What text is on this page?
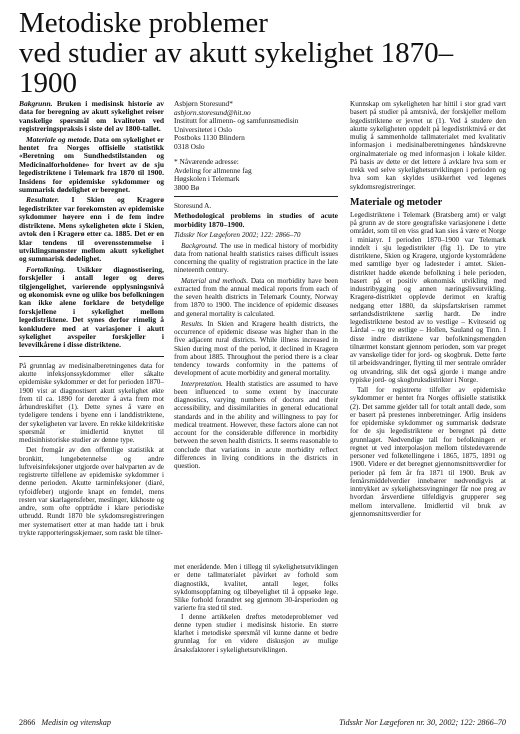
Metodiske problemer
ved studier av akutt sykelighet 1870–1900

Bakgrunn. Bruken i medisinsk historie av data for beregning av akutt sykelighet reiser vanskelige spørsmål om kvaliteten ved registreringspraksis i siste del av 1800-tallet.

Materiale og metode. Data om sykelighet er hentet fra Norges offisielle statistikk «Beretning om Sundhedstilstanden og Medicinalforholdene» for hvert av de sju legedistriktene i Telemark fra 1870 til 1900. Insidens for epidemiske sykdommer og summarisk dødelighet er beregnet.

Resultater. I Skien og Kragerø legedistrikter var forekomsten av epidemiske sykdommer høyere enn i de fem indre distriktene. Mens sykeligheten økte i Skien, avtok den i Kragerø etter ca. 1885. Det er en klar tendens til overensstemmelse i utviklingsmønster mellom akutt sykelighet og summarisk dødelighet.

Fortolkning. Usikker diagnostisering, forskjeller i antall leger og deres tilgjengelighet, varierende opplysningsnivå og økonomisk evne og ulike bos befolkningen kan ikke alene forklare de betydelige forskjellene i sykelighet mellom legedistriktene. Det synes derfor rimelig å konkludere med at variasjoner i akutt sykelighet avspeiler forskjeller i levevilkårene i disse distriktene.

På grunnlag av medisinalberetningenes data for akutte infeksjonssykdommer eller såkalte epidemiske sykdommer er det for perioden 1870–1900 vist at diagnostisert akutt sykelighet økte frem til ca. 1890 for deretter å avta frem mot århundreskiftet (1). Dette synes å være en tydeligere tendens i byene enn i landdistriktene, der sykeligheten var lavere. En rekke kildekritiske spørsmål er imidlertid knyttet til medisinhistoriske studier av denne type.

Det fremgår av den offentlige statistikk at bronkitt, lungebetennelse og andre luftveisinfeksjoner utgjorde over halvparten av de registrerte tilfellene av epidemiske sykdommer i denne perioden. Akutte tarminfeksjoner (diaré, tyfoidfeber) utgjorde knapt en femdel, mens resten var skarlagensfeber, meslinger, kikhoste og andre, som ofte opptrådte i klare periodiske utbrudd. Rundt 1870 ble sykdomsregistreringen mer systematisert etter at man hadde tatt i bruk trykte rapporteringsskjemaer, som raskt ble tilner-

Asbjørn Storesund*
asbjorn.storesund@hit.no
Institutt for allmenn- og samfunnsmedisin
Universitetet i Oslo
Postboks 1130 Blindern
0318 Oslo
* Nåværende adresse:
Avdeling for allmenne fag
Høgskolen i Telemark
3800 Bø
Storesund A.
Methodological problems in studies of acute morbidity 1870–1900.
Tidsskr Nor Lægeforen 2002; 122: 2866–70

Background. The use in medical history of morbidity data from national health statistics raises difficult issues concerning the quality of registration practice in the late nineteenth century.

Material and methods. Data on morbidity have been extracted from the annual medical reports from each of the seven health districts in Telemark County, Norway from 1870 to 1900. The incidence of epidemic diseases and general mortality is calculated.

Results. In Skien and Kragerø health districts, the occurrence of epidemic disease was higher than in the five adjacent rural districts. While illness increased in Skien during most of the period, it declined in Kragerø from about 1885. Throughout the period there is a clear tendency towards conformity in the patterns of development of acute morbidity and general mortality.

Interpretation. Health statistics are assumed to have been influenced to some extent by inaccurate diagnostics, varying numbers of doctors and their accessibility, and dissimilarities in general educational standards and in the ability and willingness to pay for medical treatment. However, these factors alone can not account for the considerable difference in morbidity between the seven health districts. It seems reasonable to conclude that variations in acute morbidity reflect differences in living conditions in the districts in question.

met enerådende. Men i tillegg til sykelighetsutviklingen er dette tallmaterialet påvirket av forhold som diagnostikk, kvalitet, antall leger, folks sykdomsoppfatning og tilbøyelighet til å oppsøke lege. Slike forhold forandret seg gjennom 30-årsperioden og varierte fra sted til sted.

I denne artikkelen drøftes metodeproblemer ved denne typen studier i medisinsk historie. En større klarhet i metodiske spørsmål vil kunne danne et bedre grunnlag for en videre diskusjon av mulige årsaksfaktorer i sykelighetsutviklingen.

Kunnskap om sykeligheten har hittil i stor grad vært basert på studier på amtsnivå, der forskjeller mellom legedistriktene er jevnet ut (1). Ved å studere den akutte sykeligheten oppdelt på legedistriktnivå er det mulig å sammenholde tallmaterialet med kvalitativ informasjon i medisinalberetningenes håndskrevne orginalmateriale og med informasjon i lokale kilder. På basis av dette er det lettere å avklare hva som er trekk ved selve sykelighetsutviklingen i perioden og hva som kan skyldes usikkerhet ved legenes sykdomsregistreringer.

Materiale og metoder

Legedistriktene i Telemark (Bratsberg amt) er valgt på grunn av de store geografiske variasjonene i dette området, som til en viss grad kan sies å være et Norge i miniatyr. I perioden 1870–1900 var Telemark inndelt i sju legedistrikter (fig 1). De to ytre distriktene, Skien og Kragerø, utgjorde kystområdene med samtlige byer og ladesteder i amtet. Skien-distriktet hadde økende befolkning i hele perioden, basert på et positiv økonomisk utvikling med industribygging og annen næringslivsutvikling. Kragerø-distriktet opplevde derimot en kraftig nedgang etter 1880, da skipsfartskrisen rammet sørlandsdistriktene særlig hardt. De indre legedistriktene bestod av to vestlige – Kviteseid og Lårdal – og tre østlige – Hollen, Sauland og Tinn. I disse indre distriktene var befolkningsmengden tilnærmet konstant gjennom perioden, som var preget av vanskelige tider for jord- og skogbruk. Dette førte til arbeidsvandringer, flytting til mer sentrale områder og utvandring, slik det også gjorde i mange andre typiske jord- og skogbruksdistrikter i Norge.

Tall for registrerte tilfeller av epidemiske sykdommer er hentet fra Norges offisielle statistikk (2). Det samme gjelder tall for totalt antall døde, som er basert på prestenes innberetninger. Årlig insidens for epidemiske sykdommer og summarisk dødsrate for de sju legedistriktene er beregnet på dette grunnlaget. Nødvendige tall for befolkningen er regnet ut ved interpolasjon mellom tilstedeværende personer ved folketellingene i 1865, 1875, 1891 og 1900. Videre er det beregnet gjennomsnittsverdier for perioder på fem år fra 1871 til 1900. Bruk av femårsmiddelverdier innebærer nødvendigvis at inntrykket av sykelighetssvingninger får noe preg av hvordan årsverdiene tilfeldigvis grupperer seg mellom intervallene. Imidlertid vil bruk av gjennomsnittsverdier for

2866 Medisin og vitenskap	Tidsskr Nor Lægeforen nr. 30, 2002; 122: 2866–70
